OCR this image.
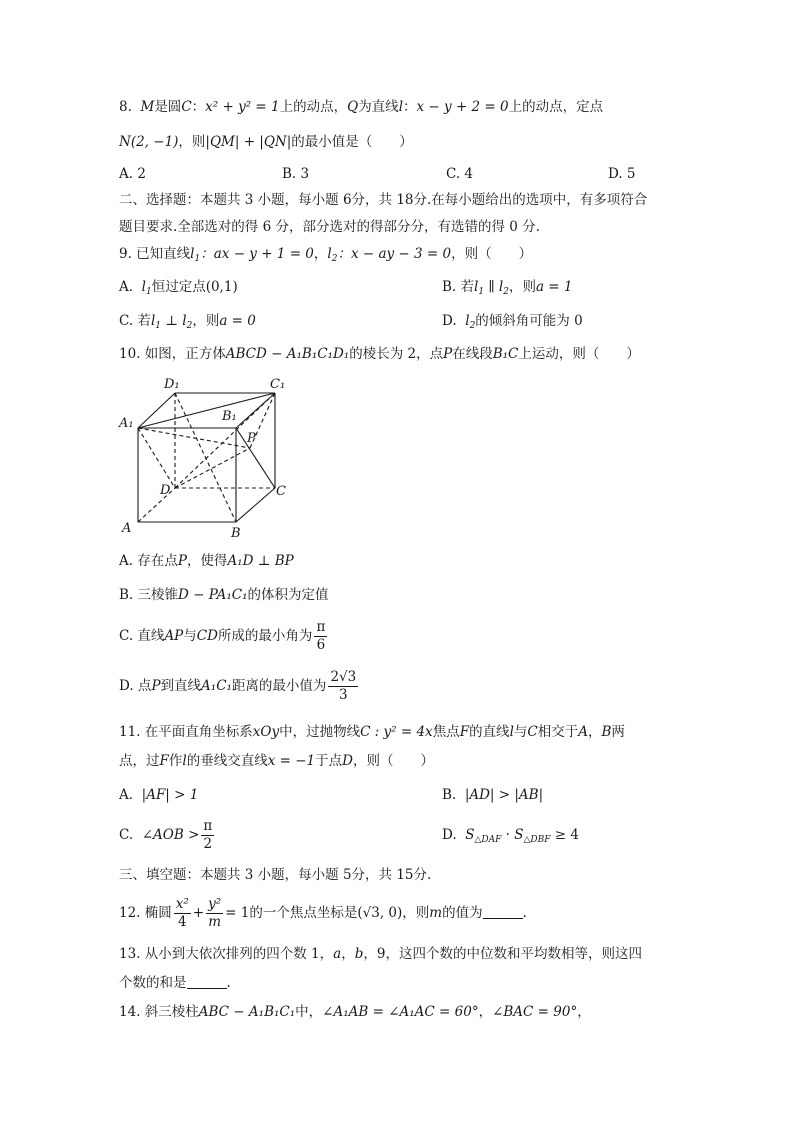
8. M是圆C：x² + y² = 1上的动点，Q为直线l：x − y + 2 = 0上的动点，定点
N(2, −1)，则|QM| + |QN|的最小值是（　　）
A. 2	B. 3	C. 4	D. 5
二、选择题：本题共 3 小题，每小题 6分，共 18分.在每小题给出的选项中，有多项符合
题目要求.全部选对的得 6 分，部分选对的得部分分，有选错的得 0 分.
9. 已知直线$l_1$：ax − y + 1 = 0，$l_2$：x − ay − 3 = 0，则（　　）
A. $l_1$恒过定点(0,1)	B. 若$l_1$ ∥ $l_2$，则a = 1
C. 若$l_1$ ⊥ $l_2$，则a = 0	D. $l_2$的倾斜角可能为 0
10. 如图，正方体ABCD − A₁B₁C₁D₁的棱长为 2，点P在线段B₁C上运动，则（　　）
D₁	C₁
A₁	B₁
P
D	C
A	B
A. 存在点P，使得A₁D ⊥ BP
B. 三棱锥D − PA₁C₁的体积为定值
C. 直线AP与CD所成的最小角为 $\frac{\pi}{6}$
D. 点P到直线A₁C₁距离的最小值为 $\frac{2√3}{3}$
11. 在平面直角坐标系xOy中，过抛物线C : y² = 4x焦点F的直线l与C相交于A，B两
点，过F作l的垂线交直线x = −1于点D，则（　　）
A. |AF| > 1	B. |AD| > |AB|
C. ∠AOB > $\frac{\pi}{2}$	D. $S_{\triangle DAF} \cdot S_{\triangle DBF} \ge 4$
三、填空题：本题共 3 小题，每小题 5分，共 15分.
12. 椭圆 $\frac{\text{x²}}{4} + \frac{\text{y²}}{m} = 1$的一个焦点坐标是(√3, 0)，则m的值为	.
13. 从小到大依次排列的四个数 1，a，b，9，这四个数的中位数和平均数相等，则这四
个数的和是	.
14. 斜三棱柱ABC − A₁B₁C₁中，∠A₁AB = ∠A₁AC = 60°，∠BAC = 90°，
